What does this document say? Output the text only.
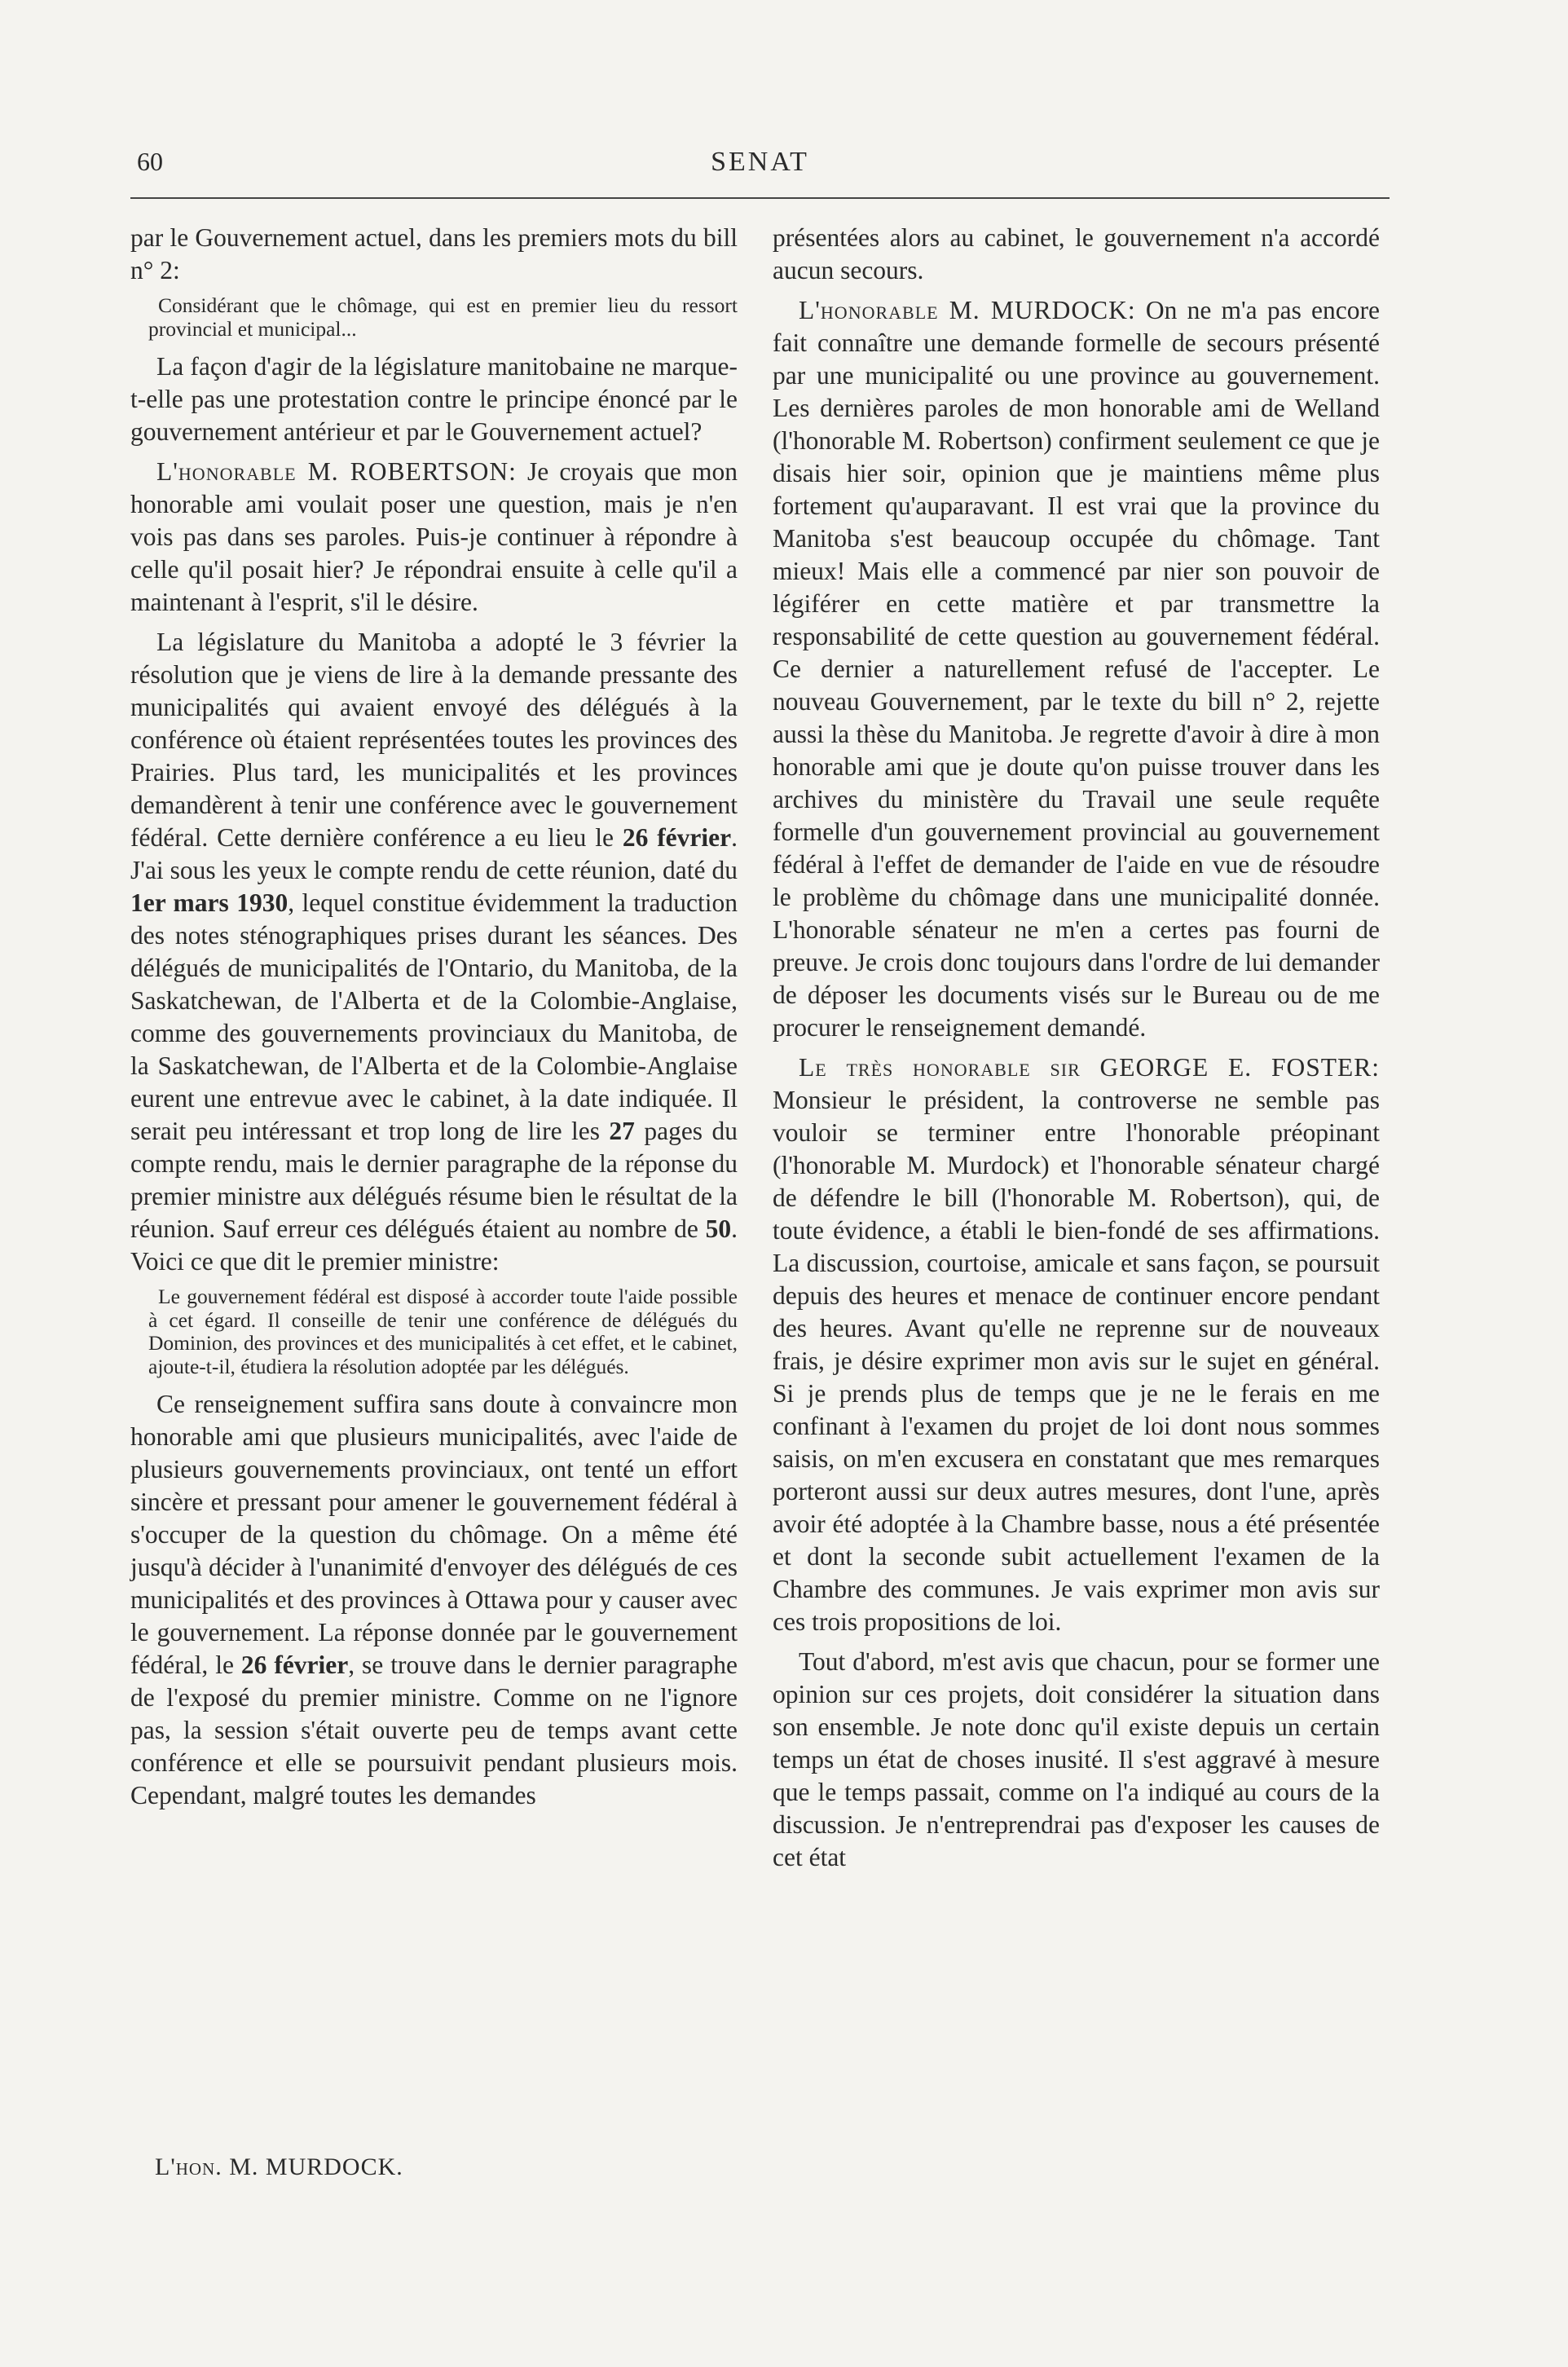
60	SENAT

par le Gouvernement actuel, dans les premiers mots du bill n° 2:

Considérant que le chômage, qui est en premier lieu du ressort provincial et municipal...

La façon d'agir de la législature manitobaine ne marque-t-elle pas une protestation contre le principe énoncé par le gouvernement antérieur et par le Gouvernement actuel?

L'honorable M. ROBERTSON: Je croyais que mon honorable ami voulait poser une question, mais je n'en vois pas dans ses paroles. Puis-je continuer à répondre à celle qu'il posait hier? Je répondrai ensuite à celle qu'il a maintenant à l'esprit, s'il le désire.

La législature du Manitoba a adopté le 3 février la résolution que je viens de lire à la demande pressante des municipalités qui avaient envoyé des délégués à la conférence où étaient représentées toutes les provinces des Prairies. Plus tard, les municipalités et les provinces demandèrent à tenir une conférence avec le gouvernement fédéral. Cette dernière conférence a eu lieu le 26 février. J'ai sous les yeux le compte rendu de cette réunion, daté du 1er mars 1930, lequel constitue évidemment la traduction des notes sténographiques prises durant les séances. Des délégués de municipalités de l'Ontario, du Manitoba, de la Saskatchewan, de l'Alberta et de la Colombie-Anglaise, comme des gouvernements provinciaux du Manitoba, de la Saskatchewan, de l'Alberta et de la Colombie-Anglaise eurent une entrevue avec le cabinet, à la date indiquée. Il serait peu intéressant et trop long de lire les 27 pages du compte rendu, mais le dernier paragraphe de la réponse du premier ministre aux délégués résume bien le résultat de la réunion. Sauf erreur ces délégués étaient au nombre de 50. Voici ce que dit le premier ministre:

Le gouvernement fédéral est disposé à accorder toute l'aide possible à cet égard. Il conseille de tenir une conférence de délégués du Dominion, des provinces et des municipalités à cet effet, et le cabinet, ajoute-t-il, étudiera la résolution adoptée par les délégués.

Ce renseignement suffira sans doute à convaincre mon honorable ami que plusieurs municipalités, avec l'aide de plusieurs gouvernements provinciaux, ont tenté un effort sincère et pressant pour amener le gouvernement fédéral à s'occuper de la question du chômage. On a même été jusqu'à décider à l'unanimité d'envoyer des délégués de ces municipalités et des provinces à Ottawa pour y causer avec le gouvernement. La réponse donnée par le gouvernement fédéral, le 26 février, se trouve dans le dernier paragraphe de l'exposé du premier ministre. Comme on ne l'ignore pas, la session s'était ouverte peu de temps avant cette conférence et elle se poursuivit pendant plusieurs mois. Cependant, malgré toutes les demandes

présentées alors au cabinet, le gouvernement n'a accordé aucun secours.

L'honorable M. MURDOCK: On ne m'a pas encore fait connaître une demande formelle de secours présenté par une municipalité ou une province au gouvernement. Les dernières paroles de mon honorable ami de Welland (l'honorable M. Robertson) confirment seulement ce que je disais hier soir, opinion que je maintiens même plus fortement qu'auparavant. Il est vrai que la province du Manitoba s'est beaucoup occupée du chômage. Tant mieux! Mais elle a commencé par nier son pouvoir de légiférer en cette matière et par transmettre la responsabilité de cette question au gouvernement fédéral. Ce dernier a naturellement refusé de l'accepter. Le nouveau Gouvernement, par le texte du bill n° 2, rejette aussi la thèse du Manitoba. Je regrette d'avoir à dire à mon honorable ami que je doute qu'on puisse trouver dans les archives du ministère du Travail une seule requête formelle d'un gouvernement provincial au gouvernement fédéral à l'effet de demander de l'aide en vue de résoudre le problème du chômage dans une municipalité donnée. L'honorable sénateur ne m'en a certes pas fourni de preuve. Je crois donc toujours dans l'ordre de lui demander de déposer les documents visés sur le Bureau ou de me procurer le renseignement demandé.

Le très honorable sir GEORGE E. FOSTER: Monsieur le président, la controverse ne semble pas vouloir se terminer entre l'honorable préopinant (l'honorable M. Murdock) et l'honorable sénateur chargé de défendre le bill (l'honorable M. Robertson), qui, de toute évidence, a établi le bien-fondé de ses affirmations. La discussion, courtoise, amicale et sans façon, se poursuit depuis des heures et menace de continuer encore pendant des heures. Avant qu'elle ne reprenne sur de nouveaux frais, je désire exprimer mon avis sur le sujet en général. Si je prends plus de temps que je ne le ferais en me confinant à l'examen du projet de loi dont nous sommes saisis, on m'en excusera en constatant que mes remarques porteront aussi sur deux autres mesures, dont l'une, après avoir été adoptée à la Chambre basse, nous a été présentée et dont la seconde subit actuellement l'examen de la Chambre des communes. Je vais exprimer mon avis sur ces trois propositions de loi.

Tout d'abord, m'est avis que chacun, pour se former une opinion sur ces projets, doit considérer la situation dans son ensemble. Je note donc qu'il existe depuis un certain temps un état de choses inusité. Il s'est aggravé à mesure que le temps passait, comme on l'a indiqué au cours de la discussion. Je n'entreprendrai pas d'exposer les causes de cet état

L'hon. M. MURDOCK.
